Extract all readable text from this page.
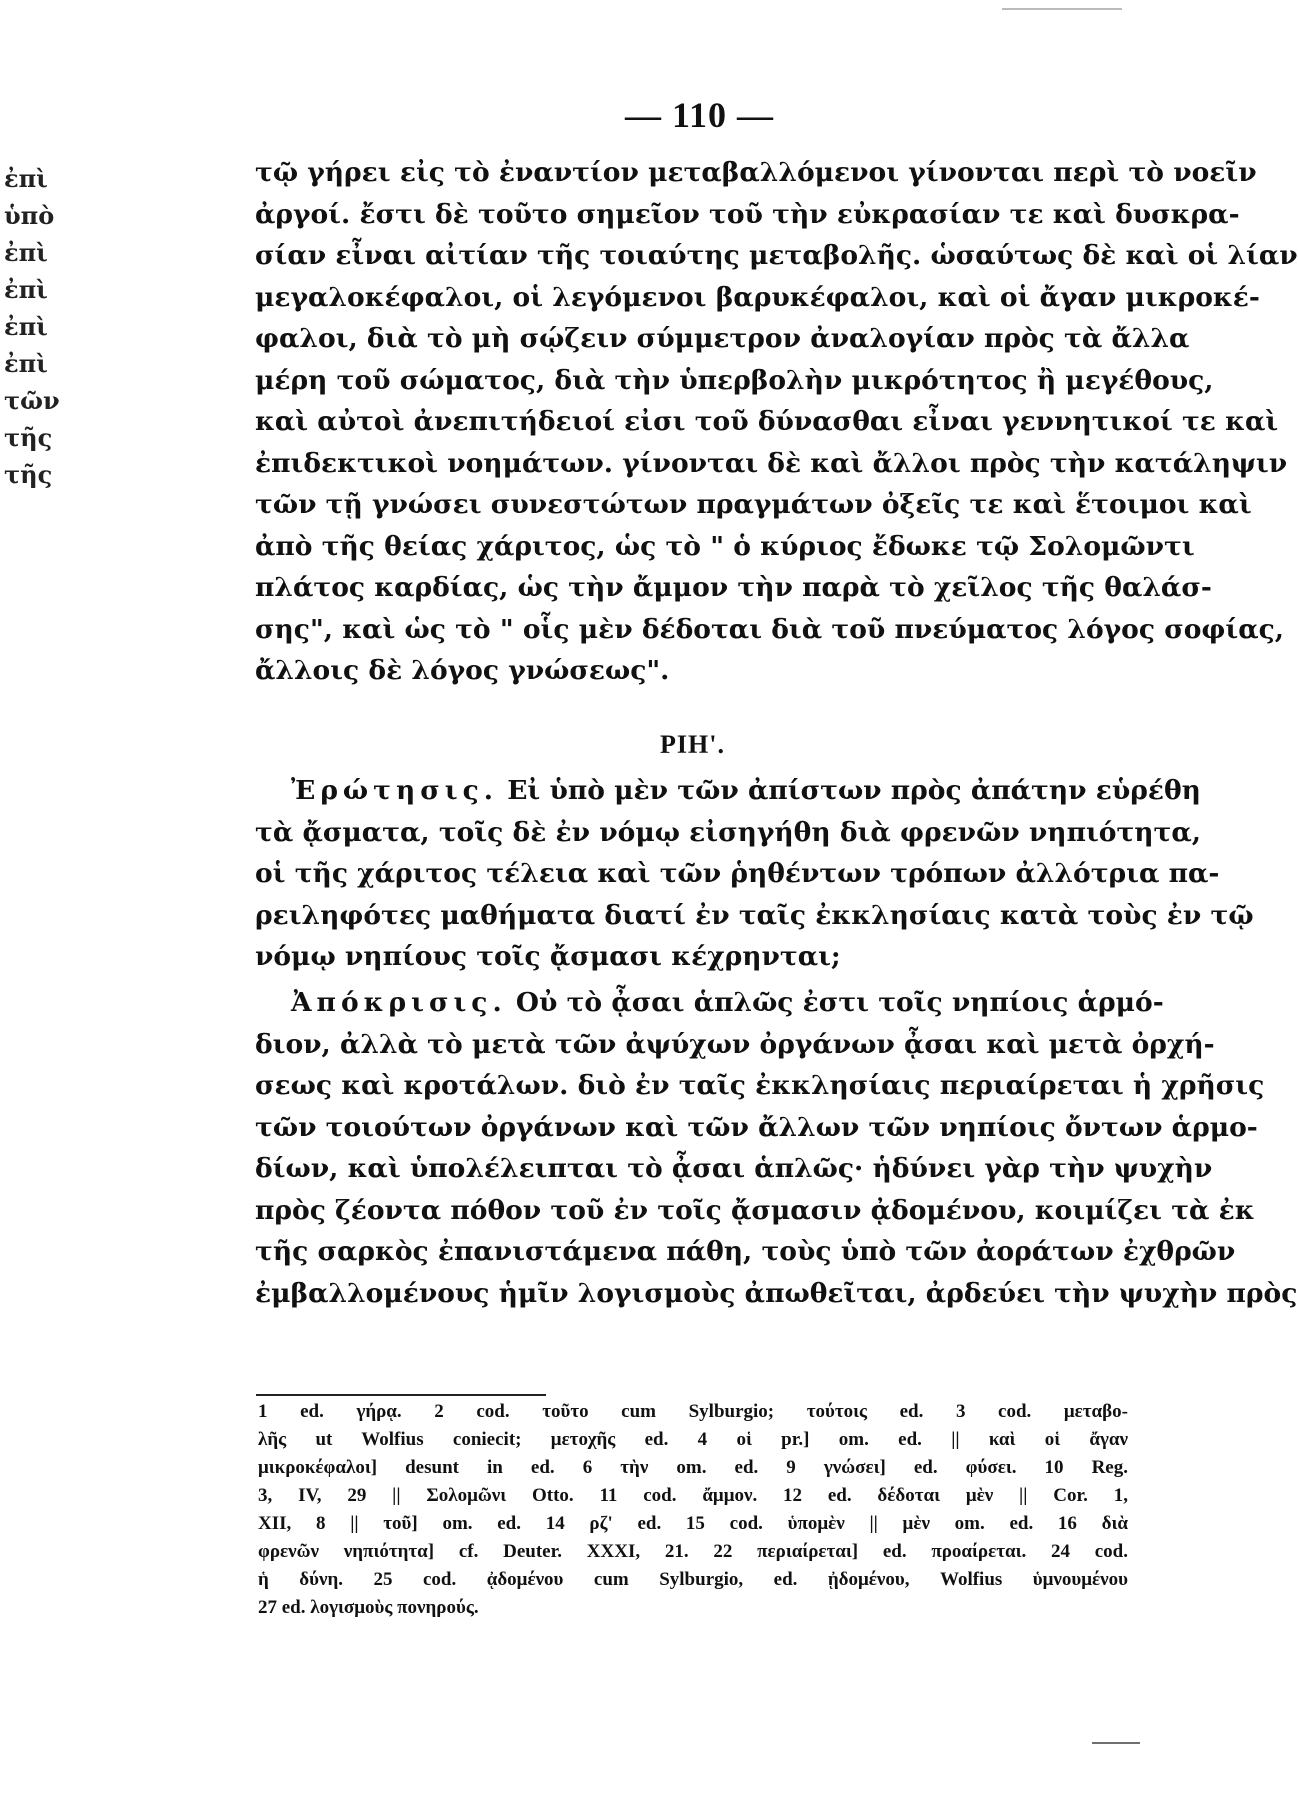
— 110 —
ἐπὶ
ὑπὸ
ἐπὶ
ἐπὶ
ἐπὶ
ἐπὶ
τῶν
τῆς
τῆς
τῷ γήρει εἰς τὸ ἐναντίον μεταβαλλόμενοι γίνονται περὶ τὸ νοεῖν
ἀργοί. ἔστι δὲ τοῦτο σημεῖον τοῦ τὴν εὐκρασίαν τε καὶ δυσκρα-
σίαν εἶναι αἰτίαν τῆς τοιαύτης μεταβολῆς. ὡσαύτως δὲ καὶ οἱ λίαν
μεγαλοκέφαλοι, οἱ λεγόμενοι βαρυκέφαλοι, καὶ οἱ ἄγαν μικροκέ-
φαλοι, διὰ τὸ μὴ σῴζειν σύμμετρον ἀναλογίαν πρὸς τὰ ἄλλα
μέρη τοῦ σώματος, διὰ τὴν ὑπερβολὴν μικρότητος ἢ μεγέθους,
καὶ αὐτοὶ ἀνεπιτήδειοί εἰσι τοῦ δύνασθαι εἶναι γεννητικοί τε καὶ
ἐπιδεκτικοὶ νοημάτων. γίνονται δὲ καὶ ἄλλοι πρὸς τὴν κατάληψιν
τῶν τῇ γνώσει συνεστώτων πραγμάτων ὀξεῖς τε καὶ ἕτοιμοι καὶ
ἀπὸ τῆς θείας χάριτος, ὡς τὸ " ὁ κύριος ἔδωκε τῷ Σολομῶντι
πλάτος καρδίας, ὡς τὴν ἄμμον τὴν παρὰ τὸ χεῖλος τῆς θαλάσ-
σης", καὶ ὡς τὸ " οἷς μὲν δέδοται διὰ τοῦ πνεύματος λόγος σοφίας,
ἄλλοις δὲ λόγος γνώσεως".
ΡΙΗ'.
Ἐρώτησις. Εἰ ὑπὸ μὲν τῶν ἀπίστων πρὸς ἀπάτην εὑρέθη
τὰ ᾄσματα, τοῖς δὲ ἐν νόμῳ εἰσηγήθη διὰ φρενῶν νηπιότητα,
οἱ τῆς χάριτος τέλεια καὶ τῶν ῥηθέντων τρόπων ἀλλότρια πα-
ρειληφότες μαθήματα διατί ἐν ταῖς ἐκκλησίαις κατὰ τοὺς ἐν τῷ
νόμῳ νηπίους τοῖς ᾄσμασι κέχρηνται;
Ἀπόκρισις. Οὐ τὸ ᾆσαι ἁπλῶς ἐστι τοῖς νηπίοις ἁρμό-
διον, ἀλλὰ τὸ μετὰ τῶν ἀψύχων ὀργάνων ᾆσαι καὶ μετὰ ὀρχή-
σεως καὶ κροτάλων. διὸ ἐν ταῖς ἐκκλησίαις περιαίρεται ἡ χρῆσις
τῶν τοιούτων ὀργάνων καὶ τῶν ἄλλων τῶν νηπίοις ὄντων ἁρμο-
δίων, καὶ ὑπολέλειπται τὸ ᾆσαι ἁπλῶς· ἡδύνει γὰρ τὴν ψυχὴν
πρὸς ζέοντα πόθον τοῦ ἐν τοῖς ᾄσμασιν ᾀδομένου, κοιμίζει τὰ ἐκ
τῆς σαρκὸς ἐπανιστάμενα πάθη, τοὺς ὑπὸ τῶν ἀοράτων ἐχθρῶν
ἐμβαλλομένους ἡμῖν λογισμοὺς ἀπωθεῖται, ἀρδεύει τὴν ψυχὴν πρὸς
1 ed. γήρᾳ. 2 cod. τοῦτο cum Sylburgio; τούτοις ed. 3 cod. μεταβο-
λῆς ut Wolfius coniecit; μετοχῆς ed. 4 οἱ pr.] om. ed. || καὶ οἱ ἄγαν
μικροκέφαλοι] desunt in ed. 6 τὴν om. ed. 9 γνώσει] ed. φύσει. 10 Reg.
3, IV, 29 || Σολομῶνι Otto. 11 cod. ἄμμον. 12 ed. δέδοται μὲν || Cor. 1,
XII, 8 || τοῦ] om. ed. 14 ρζ' ed. 15 cod. ὑπομὲν || μὲν om. ed. 16 διὰ
φρενῶν νηπιότητα] cf. Deuter. XXXI, 21. 22 περιαίρεται] ed. προαίρεται. 24 cod.
ἡ δύνη. 25 cod. ᾀδομένου cum Sylburgio, ed. ᾐδομένου, Wolfius ὑμνουμένου
27 ed. λογισμοὺς πονηρούς.
